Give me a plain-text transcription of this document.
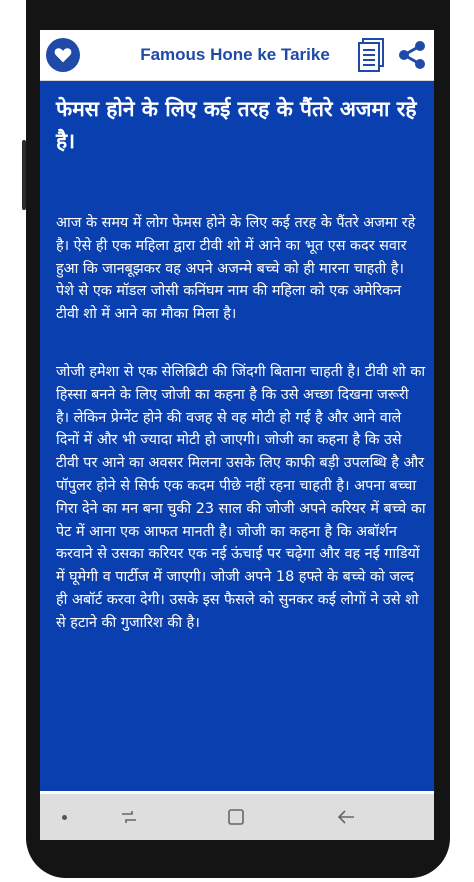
Famous Hone ke Tarike
फेमस होने के लिए कई तरह के पैंतरे अजमा रहे है।

आज के समय में लोग फेमस होने के लिए कई तरह के पैंतरे अजमा रहे है। ऐसे ही एक महिला द्वारा टीवी शो में आने का भूत एस कदर सवार हुआ कि जानबूझकर वह अपने अजन्मे बच्चे को ही मारना चाहती है। पेशे से एक मॉडल जोसी कनिंघम नाम की महिला को एक अमेरिकन टीवी शो में आने का मौका मिला है।

जोजी हमेशा से एक सेलिब्रिटी की जिंदगी बिताना चाहती है। टीवी शो का हिस्सा बनने के लिए जोजी का कहना है कि उसे अच्छा दिखना जरूरी है। लेकिन प्रेग्नेंट होने की वजह से वह मोटी हो गई है और आने वाले दिनों में और भी ज्यादा मोटी हो जाएगी। जोजी का कहना है कि उसे टीवी पर आने का अवसर मिलना उसके लिए काफी बड़ी उपलब्धि है और पॉपुलर होने से सिर्फ एक कदम पीछे नहीं रहना चाहती है। अपना बच्चा गिरा देने का मन बना चुकी 23 साल की जोजी अपने करियर में बच्चे का पेट में आना एक आफत मानती है। जोजी का कहना है कि अबॉर्शन करवाने से उसका करियर एक नई ऊंचाई पर चढ़ेगा और वह नई गाडियों में घूमेगी व पार्टीज में जाएगी। जोजी अपने 18 हफ्ते के बच्चे को जल्द ही अबॉर्ट करवा देगी। उसके इस फैसले को सुनकर कई लोगों ने उसे शो से हटाने की गुजारिश की है।
